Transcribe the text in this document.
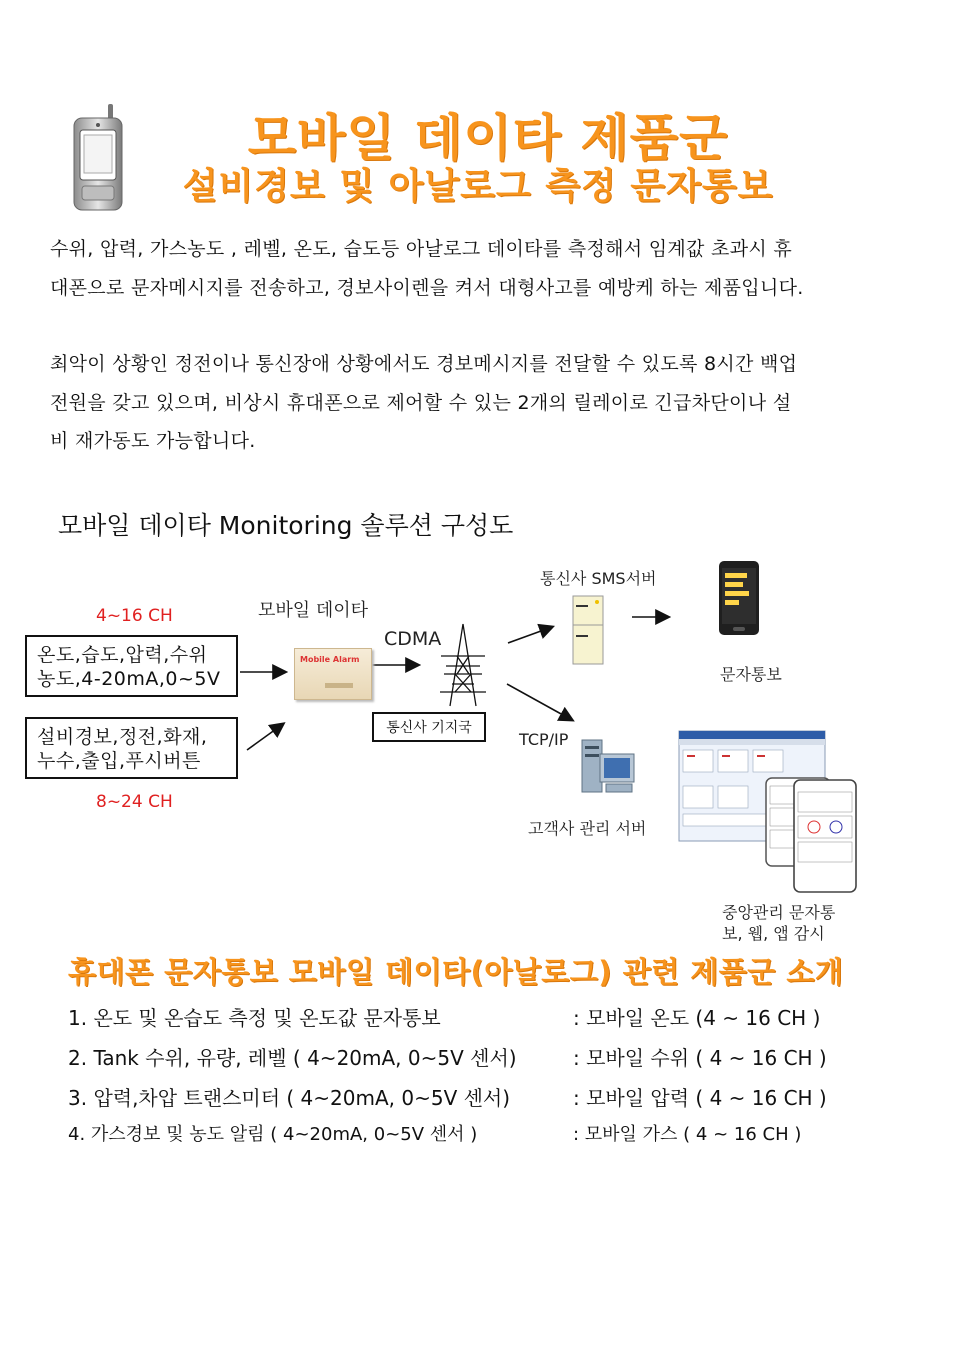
모바일 데이타 제품군
설비경보 및 아날로그 측정 문자통보

수위, 압력, 가스농도 , 레벨, 온도, 습도등 아날로그 데이타를 측정해서 임계값 초과시 휴
대폰으로 문자메시지를 전송하고, 경보사이렌을 켜서 대형사고를 예방케 하는 제품입니다.

최악이 상황인 정전이나 통신장애 상황에서도 경보메시지를 전달할 수 있도록 8시간 백업
전원을 갖고 있으며, 비상시 휴대폰으로 제어할 수 있는 2개의 릴레이로 긴급차단이나 설
비 재가동도 가능합니다.

모바일 데이타 Monitoring 솔루션 구성도
4~16 CH
온도,습도,압력,수위
농도,4-20mA,0~5V
설비경보,정전,화재,
누수,출입,푸시버튼
8~24 CH
모바일 데이타
Mobile Alarm
CDMA
통신사 기지국
통신사 SMS서버
문자통보
TCP/IP
고객사 관리 서버
중앙관리 문자통
보, 웹, 앱 감시
휴대폰 문자통보 모바일 데이타(아날로그) 관련 제품군 소개
1. 온도 및 온습도 측정 및 온도값 문자통보	: 모바일 온도 (4 ~ 16 CH )
2. Tank 수위, 유량, 레벨 ( 4~20mA, 0~5V 센서)	: 모바일 수위 ( 4 ~ 16 CH )
3. 압력,차압 트랜스미터 ( 4~20mA, 0~5V 센서)	: 모바일 압력 ( 4 ~ 16 CH )
4. 가스경보 및 농도 알림 ( 4~20mA, 0~5V 센서 )	: 모바일 가스 ( 4 ~ 16 CH )
